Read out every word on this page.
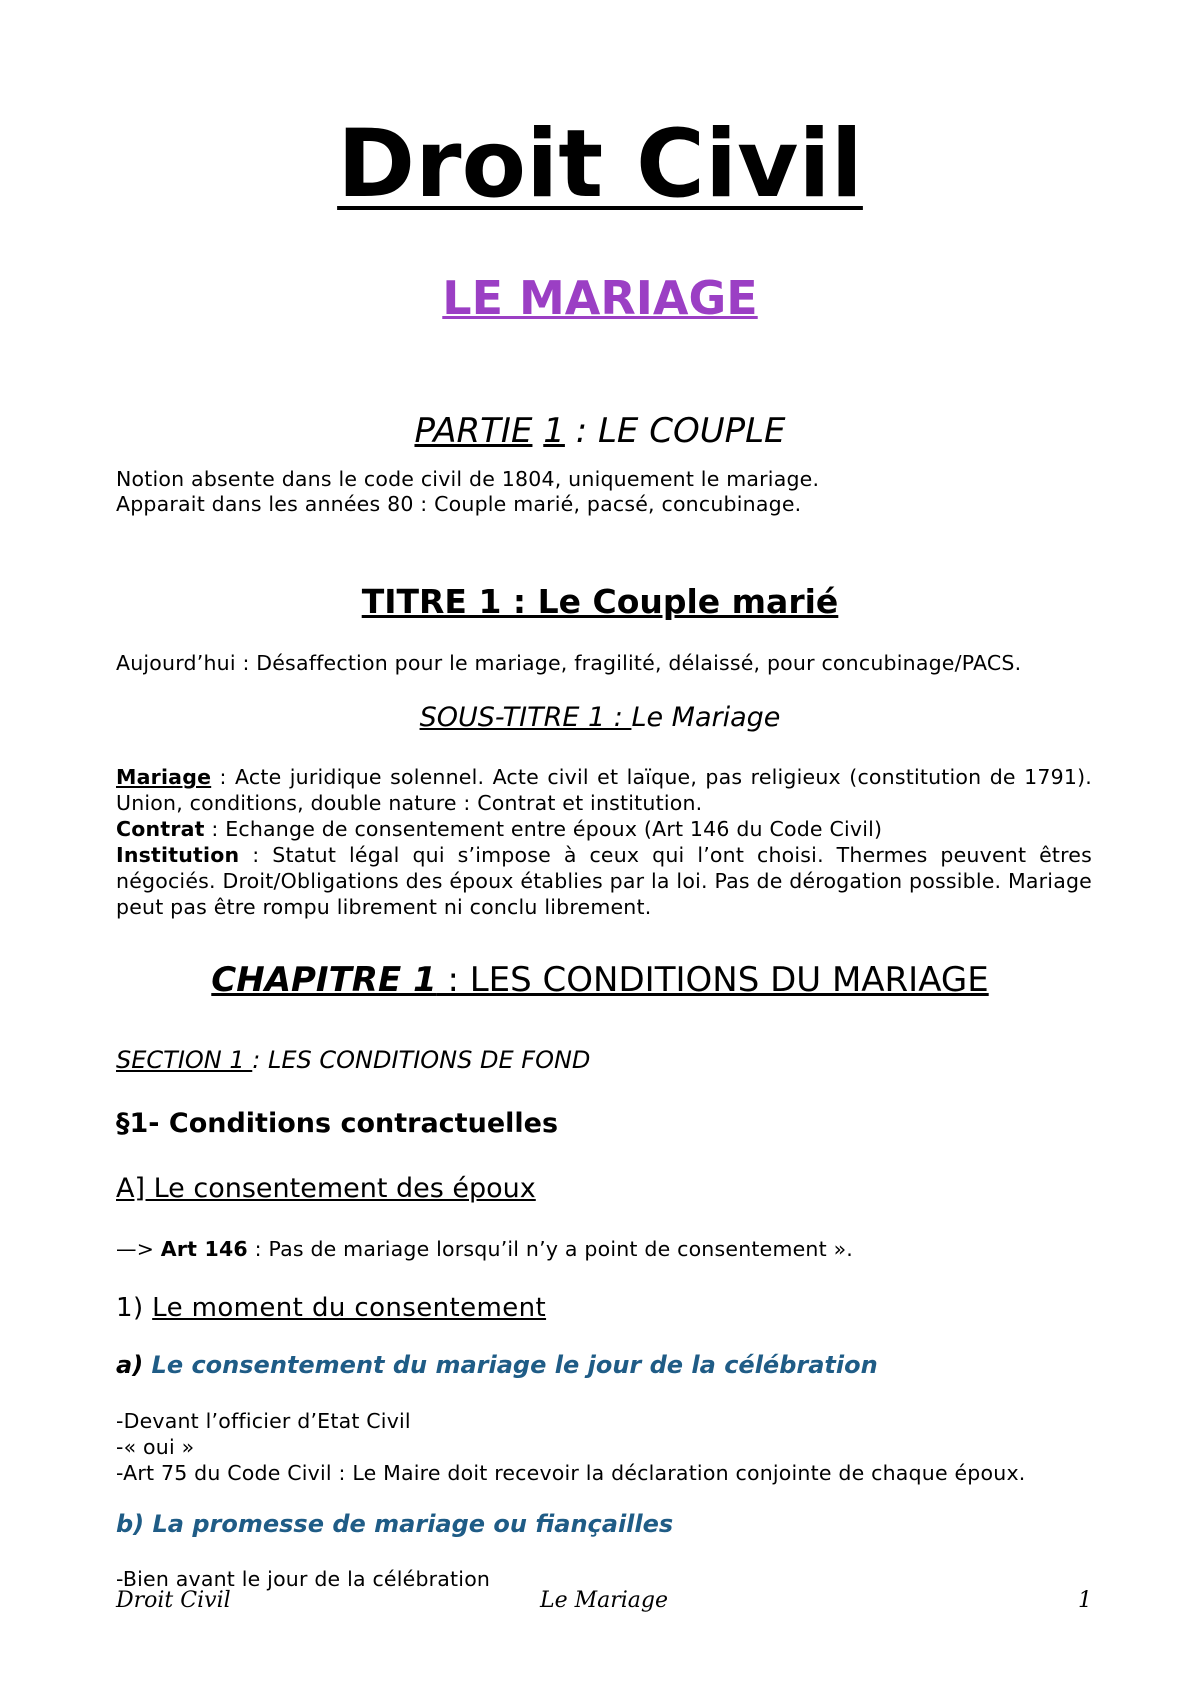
Droit Civil
LE MARIAGE
PARTIE 1 : LE COUPLE
Notion absente dans le code civil de 1804, uniquement le mariage.
Apparait dans les années 80 : Couple marié, pacsé, concubinage.
TITRE 1 : Le Couple marié
Aujourd’hui : Désaffection pour le mariage, fragilité, délaissé, pour concubinage/PACS.
SOUS-TITRE 1 : Le Mariage
Mariage : Acte juridique solennel. Acte civil et laïque, pas religieux (constitution de 1791). Union, conditions, double nature : Contrat et institution.
Contrat : Echange de consentement entre époux (Art 146 du Code Civil)
Institution : Statut légal qui s’impose à ceux qui l’ont choisi. Thermes peuvent êtres négociés. Droit/Obligations des époux établies par la loi. Pas de dérogation possible. Mariage peut pas être rompu librement ni conclu librement.
CHAPITRE 1 : LES CONDITIONS DU MARIAGE
SECTION 1 : LES CONDITIONS DE FOND
§1- Conditions contractuelles
A] Le consentement des époux
—> Art 146 : Pas de mariage lorsqu’il n’y a point de consentement ».
1) Le moment du consentement
a) Le consentement du mariage le jour de la célébration
-Devant l’officier d’Etat Civil
-« oui »
-Art 75 du Code Civil : Le Maire doit recevoir la déclaration conjointe de chaque époux.
b) La promesse de mariage ou fiançailles
-Bien avant le jour de la célébration
Droit Civil	Le Mariage	1
